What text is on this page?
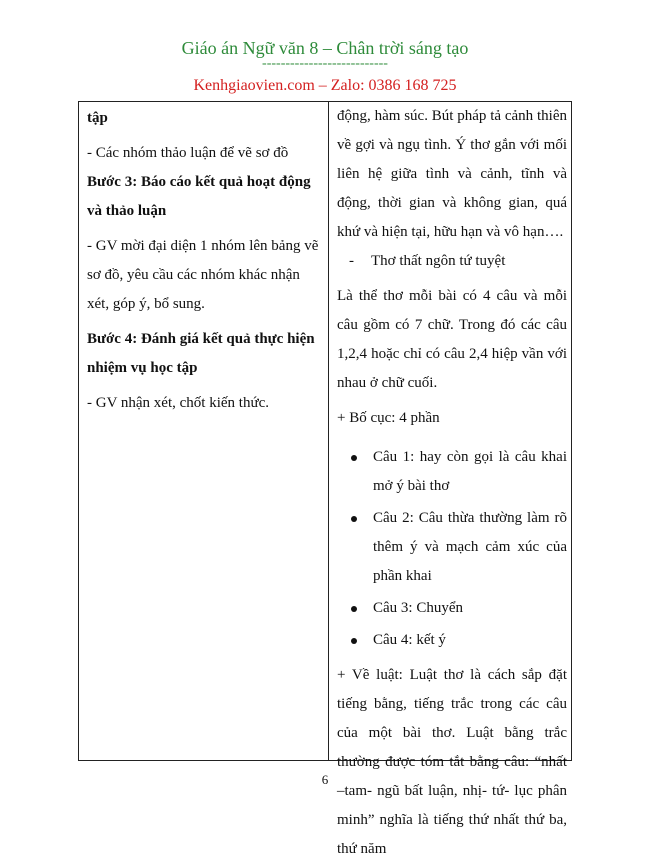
Giáo án Ngữ văn 8 – Chân trời sáng tạo
---------------------------
Kenhgiaovien.com – Zalo: 0386 168 725

tập

- Các nhóm thảo luận để vẽ sơ đồ

Bước 3: Báo cáo kết quả hoạt động và thảo luận

- GV mời đại diện 1 nhóm lên bảng vẽ sơ đồ, yêu cầu các nhóm khác nhận xét, góp ý, bổ sung.

Bước 4: Đánh giá kết quả thực hiện nhiệm vụ học tập

- GV nhận xét, chốt kiến thức.

động, hàm súc. Bút pháp tả cảnh thiên về gợi và ngụ tình. Ý thơ gắn với mối liên hệ giữa tình và cảnh, tĩnh và động, thời gian và không gian, quá khứ và hiện tại, hữu hạn và vô hạn….

- Thơ thất ngôn tứ tuyệt

Là thể thơ mỗi bài có 4 câu và mỗi câu gồm có 7 chữ. Trong đó các câu 1,2,4 hoặc chỉ có câu 2,4 hiệp vần với nhau ở chữ cuối.

+ Bố cục: 4 phần

Câu 1: hay còn gọi là câu khai mở ý bài thơ
Câu 2: Câu thừa thường làm rõ thêm ý và mạch cảm xúc của phần khai
Câu 3: Chuyển
Câu 4: kết ý

+ Về luật: Luật thơ là cách sắp đặt tiếng bằng, tiếng trắc trong các câu của một bài thơ. Luật bằng trắc thường được tóm tắt bằng câu: “nhất –tam- ngũ bất luận, nhị- tứ- lục phân minh” nghĩa là tiếng thứ nhất thứ ba, thứ năm

6
